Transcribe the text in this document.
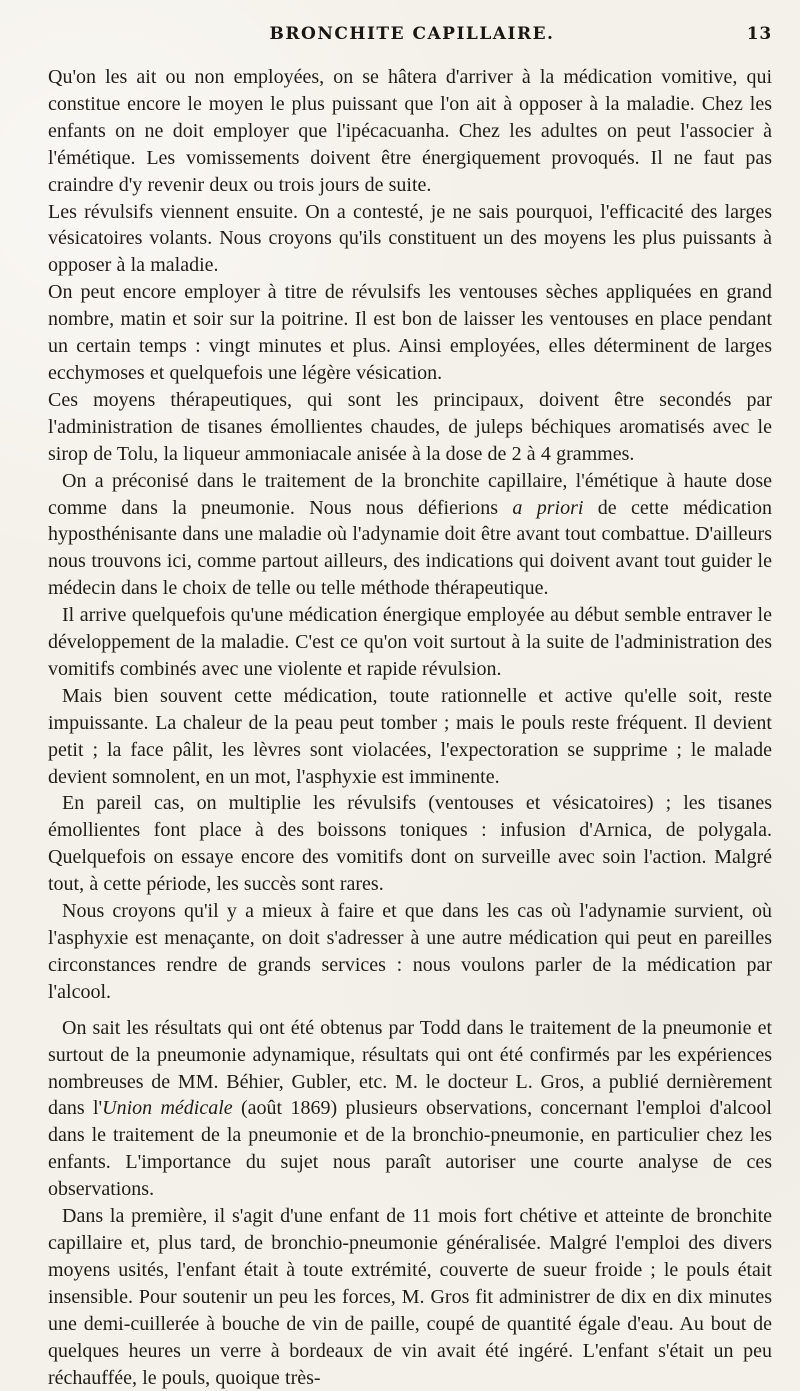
BRONCHITE CAPILLAIRE.	13

Qu'on les ait ou non employées, on se hâtera d'arriver à la médication vomitive, qui constitue encore le moyen le plus puissant que l'on ait à opposer à la maladie. Chez les enfants on ne doit employer que l'ipécacuanha. Chez les adultes on peut l'associer à l'émétique. Les vomissements doivent être énergiquement provoqués. Il ne faut pas craindre d'y revenir deux ou trois jours de suite.

Les révulsifs viennent ensuite. On a contesté, je ne sais pourquoi, l'efficacité des larges vésicatoires volants. Nous croyons qu'ils constituent un des moyens les plus puissants à opposer à la maladie.

On peut encore employer à titre de révulsifs les ventouses sèches appliquées en grand nombre, matin et soir sur la poitrine. Il est bon de laisser les ventouses en place pendant un certain temps : vingt minutes et plus. Ainsi employées, elles déterminent de larges ecchymoses et quelquefois une légère vésication.

Ces moyens thérapeutiques, qui sont les principaux, doivent être secondés par l'administration de tisanes émollientes chaudes, de juleps béchiques aromatisés avec le sirop de Tolu, la liqueur ammoniacale anisée à la dose de 2 à 4 grammes.

On a préconisé dans le traitement de la bronchite capillaire, l'émétique à haute dose comme dans la pneumonie. Nous nous défierions a priori de cette médication hyposthénisante dans une maladie où l'adynamie doit être avant tout combattue. D'ailleurs nous trouvons ici, comme partout ailleurs, des indications qui doivent avant tout guider le médecin dans le choix de telle ou telle méthode thérapeutique.

Il arrive quelquefois qu'une médication énergique employée au début semble entraver le développement de la maladie. C'est ce qu'on voit surtout à la suite de l'administration des vomitifs combinés avec une violente et rapide révulsion.

Mais bien souvent cette médication, toute rationnelle et active qu'elle soit, reste impuissante. La chaleur de la peau peut tomber ; mais le pouls reste fréquent. Il devient petit ; la face pâlit, les lèvres sont violacées, l'expectoration se supprime ; le malade devient somnolent, en un mot, l'asphyxie est imminente.

En pareil cas, on multiplie les révulsifs (ventouses et vésicatoires) ; les tisanes émollientes font place à des boissons toniques : infusion d'Arnica, de polygala. Quelquefois on essaye encore des vomitifs dont on surveille avec soin l'action. Malgré tout, à cette période, les succès sont rares.

Nous croyons qu'il y a mieux à faire et que dans les cas où l'adynamie survient, où l'asphyxie est menaçante, on doit s'adresser à une autre médication qui peut en pareilles circonstances rendre de grands services : nous voulons parler de la médication par l'alcool.

On sait les résultats qui ont été obtenus par Todd dans le traitement de la pneumonie et surtout de la pneumonie adynamique, résultats qui ont été confirmés par les expériences nombreuses de MM. Béhier, Gubler, etc. M. le docteur L. Gros, a publié dernièrement dans l'Union médicale (août 1869) plusieurs observations, concernant l'emploi d'alcool dans le traitement de la pneumonie et de la bronchio-pneumonie, en particulier chez les enfants. L'importance du sujet nous paraît autoriser une courte analyse de ces observations.

Dans la première, il s'agit d'une enfant de 11 mois fort chétive et atteinte de bronchite capillaire et, plus tard, de bronchio-pneumonie généralisée. Malgré l'emploi des divers moyens usités, l'enfant était à toute extrémité, couverte de sueur froide ; le pouls était insensible. Pour soutenir un peu les forces, M. Gros fit administrer de dix en dix minutes une demi-cuillerée à bouche de vin de paille, coupé de quantité égale d'eau. Au bout de quelques heures un verre à bordeaux de vin avait été ingéré. L'enfant s'était un peu réchauffée, le pouls, quoique très-
